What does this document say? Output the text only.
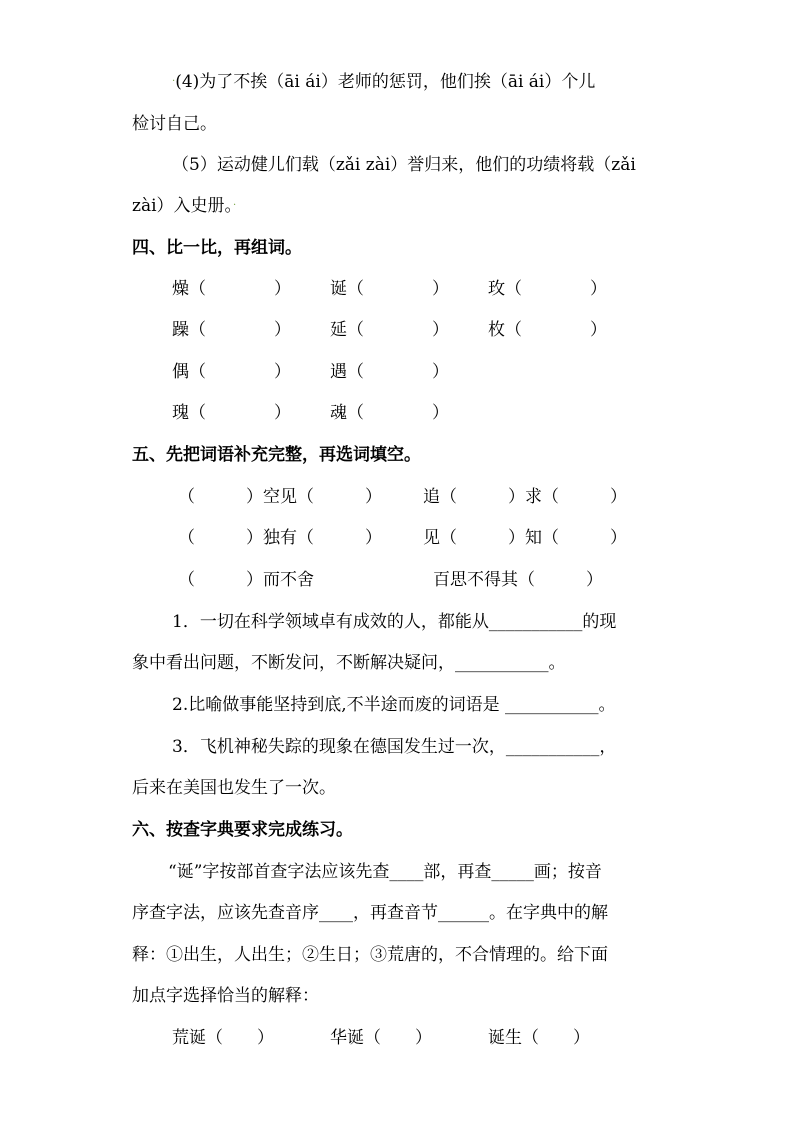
·(4)为了不挨（āi ái）老师的惩罚，他们挨（āi ái）个儿
检讨自己。
（5）运动健儿们载（zǎi zài）誉归来，他们的功绩将载（zǎi
zài）入史册。·
四、比一比，再组词。
燥（　　　　） 诞（　　　　） 玫（　　　　）
躁（　　　　） 延（　　　　） 枚（　　　　）
偶（　　　　） 遇（　　　　）
瑰（　　　　） 魂（　　　　）
五、先把词语补充完整，再选词填空。
（　　　）空见（　　　） 追（　　　）求（　　　）
（　　　）独有（　　　） 见（　　　）知（　　　）
（　　　）而不舍	百思不得其（　　　）
1．一切在科学领域卓有成效的人，都能从___________的现
象中看出问题，不断发问，不断解决疑问，___________。
2.比喻做事能坚持到底,不半途而废的词语是 ___________。
3．飞机神秘失踪的现象在德国发生过一次，___________，
后来在美国也发生了一次。
六、按查字典要求完成练习。
“诞”字按部首查字法应该先查____部，再查_____画；按音
序查字法，应该先查音序____，再查音节______。在字典中的解
释：①出生，人出生；②生日；③荒唐的，不合情理的。给下面
加点字选择恰当的解释：
荒诞（　　）	华诞（　　）	诞生（　　）
